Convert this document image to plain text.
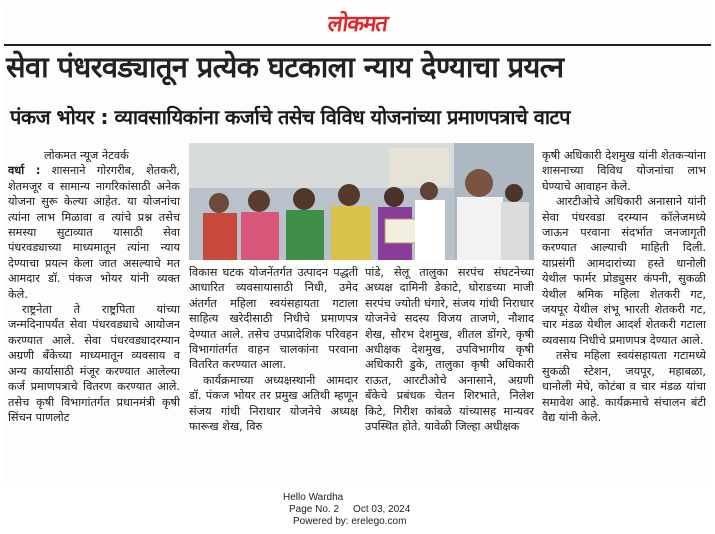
लोकमत
सेवा पंधरवड्यातून प्रत्येक घटकाला न्याय देण्याचा प्रयत्न
पंकज भोयर : व्यावसायिकांना कर्जाचे तसेच विविध योजनांच्या प्रमाणपत्राचे वाटप
लोकमत न्यूज नेटवर्क

वर्धा : शासनाने गोरगरीब, शेतकरी, शेतमजूर व सामान्य नागरिकांसाठी अनेक योजना सुरू केल्या आहेत. या योजनांचा त्यांना लाभ मिळावा व त्यांचे प्रश्न तसेच समस्या सुटाव्यात यासाठी सेवा पंधरवड्याच्या माध्यमातून त्यांना न्याय देण्याचा प्रयत्न केला जात असल्याचे मत आमदार डॉ. पंकज भोयर यांनी व्यक्त केले.

राष्ट्रनेता ते राष्ट्रपिता यांच्या जन्मदिनापर्यंत सेवा पंधरवड्याचे आयोजन करण्यात आले. सेवा पंधरवड्यादरम्यान अग्रणी बँकेच्या माध्यमातून व्यवसाय व अन्य कार्यासाठी मंजूर करण्यात आलेल्या कर्ज प्रमाणपत्राचे वितरण करण्यात आले. तसेच कृषी विभागांतर्गत प्रधानमंत्री कृषी सिंचन पाणलोट

विकास घटक योजनेंतर्गत उत्पादन पद्धती आधारित व्यवसायासाठी निधी, उमेद अंतर्गत महिला स्वयंसहायता गटाला साहित्य खरेदीसाठी निधीचे प्रमाणपत्र देण्यात आले. तसेच उपप्रादेशिक परिवहन विभागांतर्गत वाहन चालकांना परवाना वितरित करण्यात आला.

कार्यक्रमाच्या अध्यक्षस्थानी आमदार डॉ. पंकज भोयर तर प्रमुख अतिथी म्हणून संजय गांधी निराधार योजनेचे अध्यक्ष फारूख शेख, विरु

पांडे, सेलू तालुका सरपंच संघटनेच्या अध्यक्ष दामिनी डेकाटे, घोराडच्या माजी सरपंच ज्योती घंगारे, संजय गांधी निराधार योजनेचे सदस्य विजय ताजणे, नौशाद शेख, सौरभ देशमुख, शीतल डोंगरे, कृषी अधीक्षक देशमुख, उपविभागीय कृषी अधिकारी डुके, तालुका कृषी अधिकारी राऊत, आरटीओचे अनासाने, अग्रणी बँकेचे प्रबंधक चेतन शिरभाते, निलेश किटे, गिरीश कांबळे यांच्यासह मान्यवर उपस्थित होते. यावेळी जिल्हा अधीक्षक

कृषी अधिकारी देशमुख यांनी शेतकऱ्यांना शासनाच्या विविध योजनांचा लाभ घेण्याचे आवाहन केले.

आरटीओचे अधिकारी अनासाने यांनी सेवा पंधरवडा दरम्यान कॉलेजमध्ये जाऊन परवाना संदर्भात जनजागृती करण्यात आल्याची माहिती दिली. याप्रसंगी आमदारांच्या हस्ते धानोली येथील फार्मर प्रोड्युसर कंपनी, सुकळी येथील श्रमिक महिला शेतकरी गट, जयपूर येथील शंभू भारती शेतकरी गट, चार मंडळ येथील आदर्श शेतकरी गटाला व्यवसाय निधीचे प्रमाणपत्र देण्यात आले.

तसेच महिला स्वयंसहायता गटामध्ये सुकळी स्टेशन, जयपूर, महाबळा, धानोली मेघे, कोटंबा व चार मंडळ यांचा समावेश आहे. कार्यक्रमाचे संचालन बंटी वैद्य यांनी केले.

Hello Wardha
Page No. 2 Oct 03, 2024
Powered by: erelego.com
